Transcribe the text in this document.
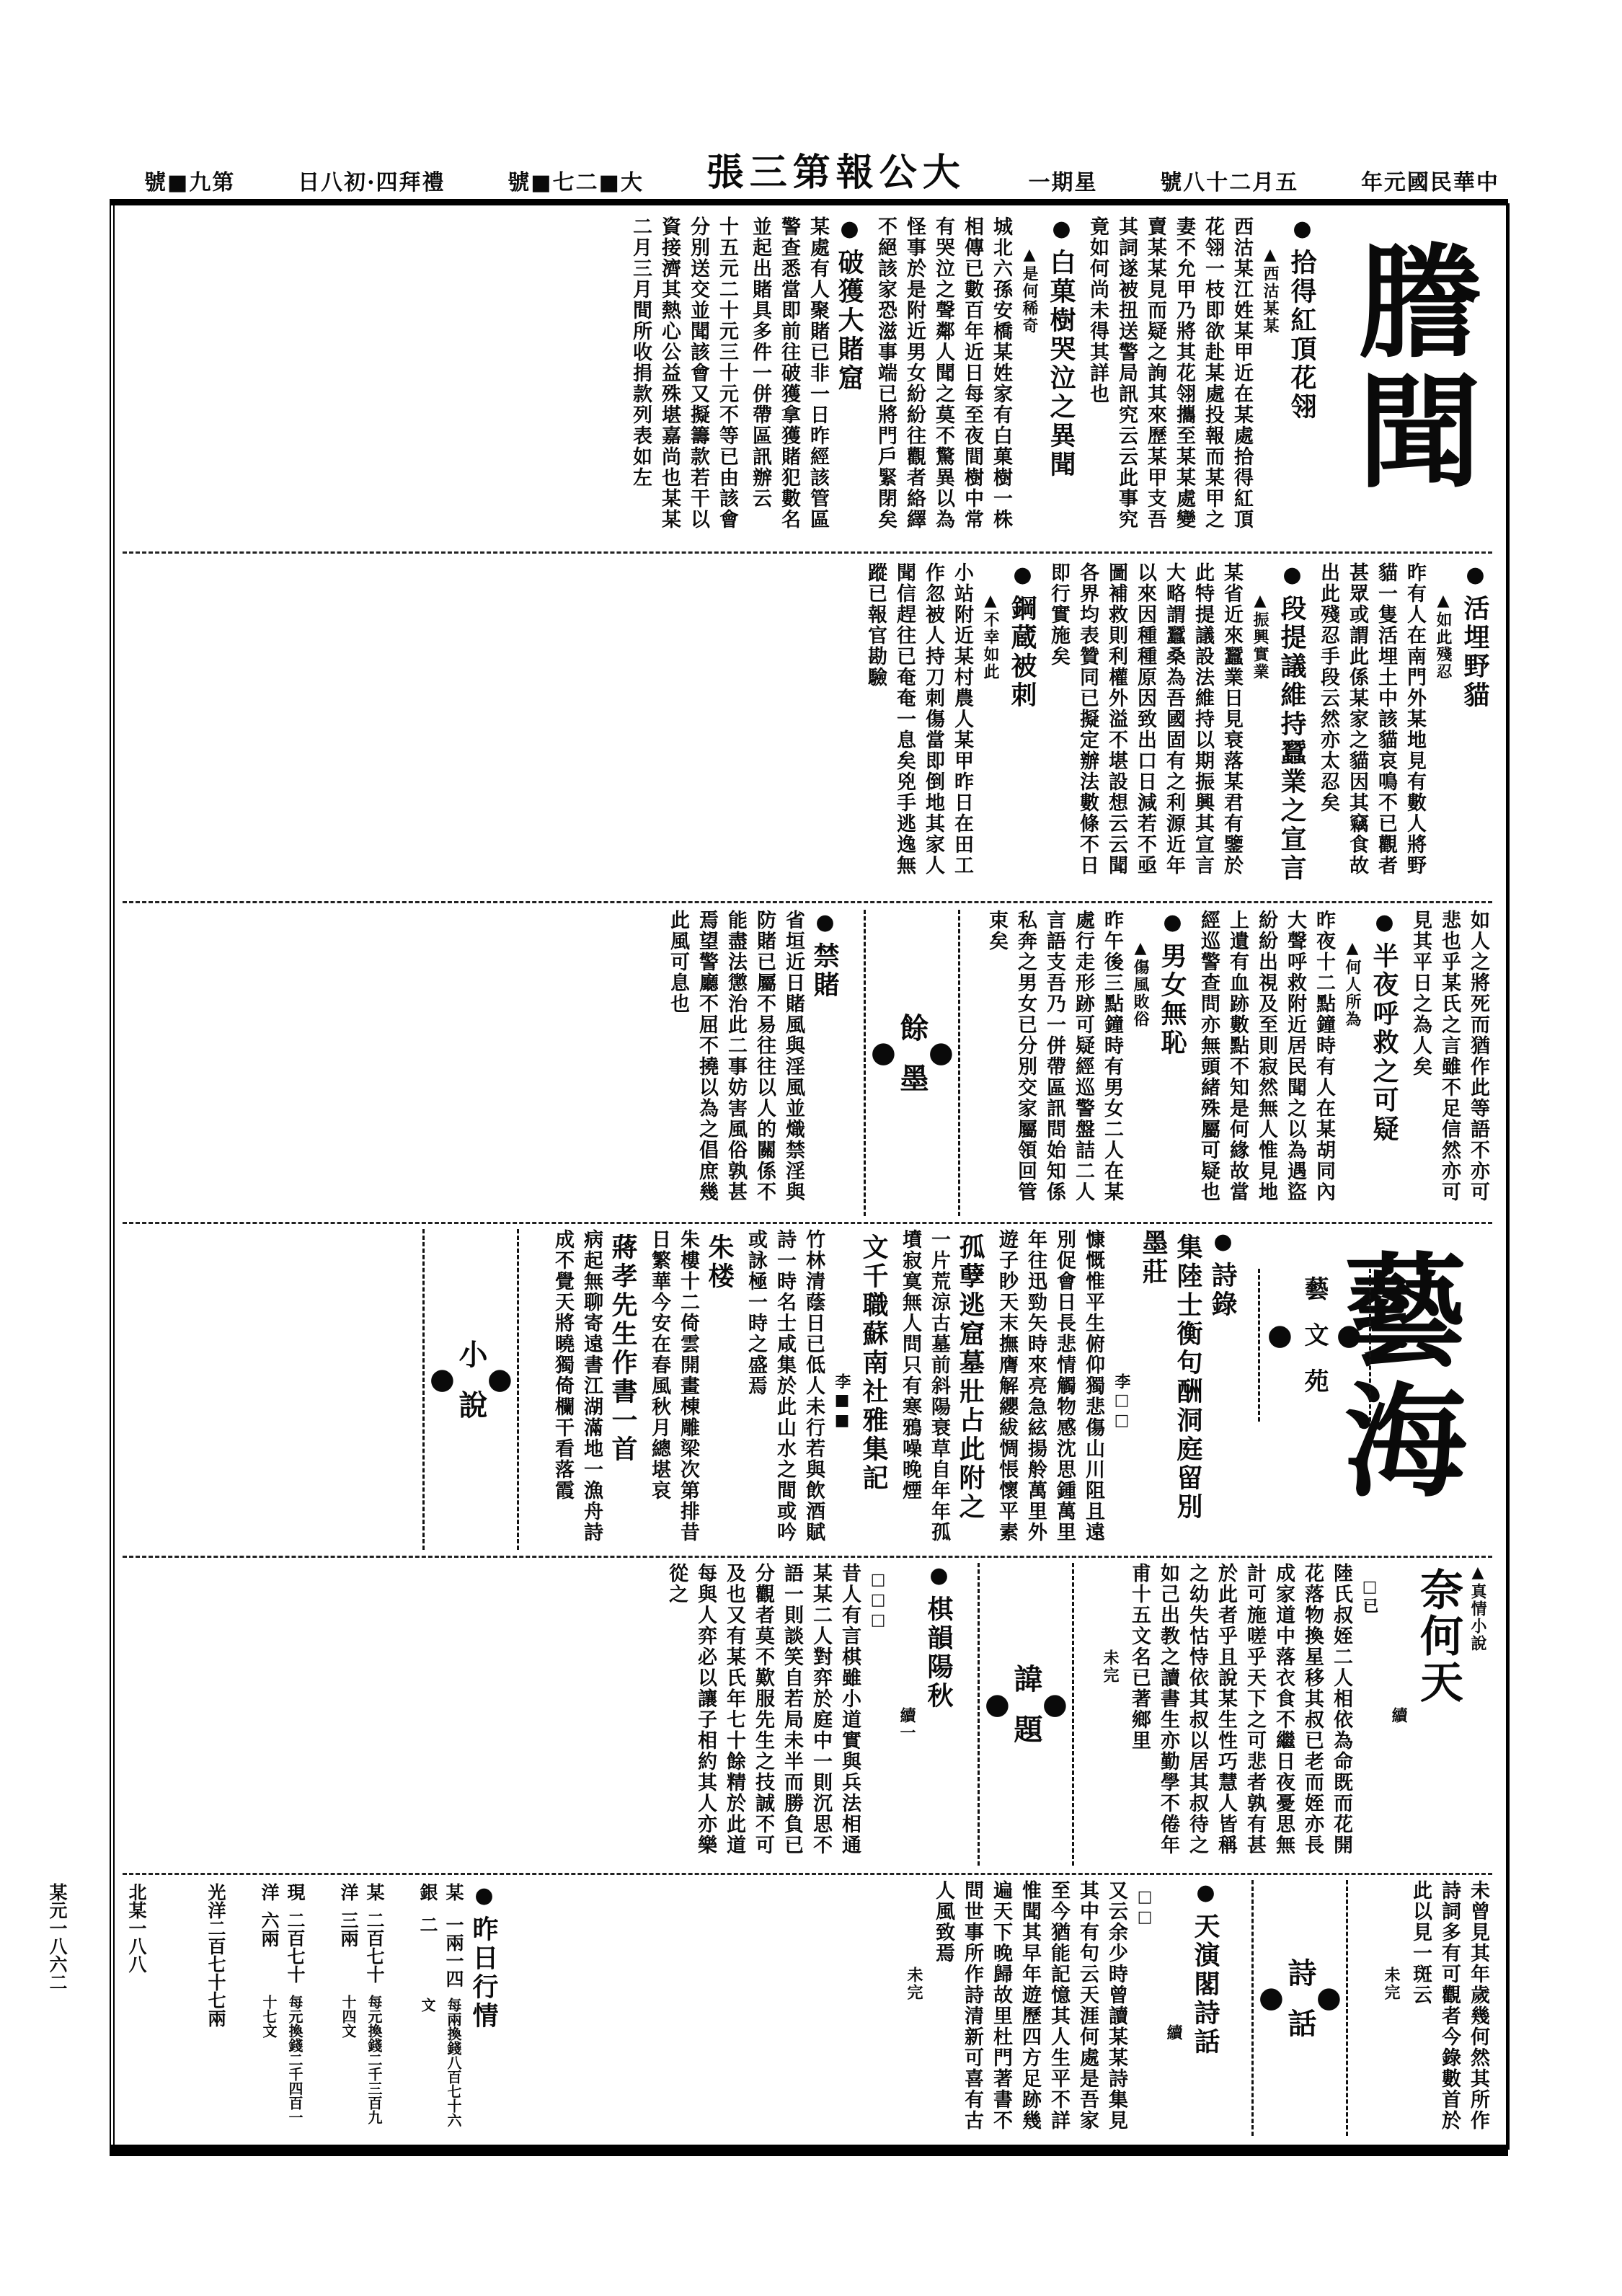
中華民國元年
五月二十八號
星期一
大公報第三張
大■二七■號
禮拜四·初八日
第九■號
謄聞
● 拾得紅頂花翎
▲ 西沽某某
西沽某江姓某甲近在某處拾得紅頂花翎一枝即欲赴某處投報而某甲之妻不允甲乃將其花翎攜至某某處變賣某某見而疑之詢其來歷某甲支吾其詞遂被扭送警局訊究云云此事究竟如何尚未得其詳也
● 白菓樹哭泣之異聞
▲ 是何稀奇
城北六孫安橋某姓家有白菓樹一株相傳已數百年近日每至夜間樹中常有哭泣之聲鄰人聞之莫不驚異以為怪事於是附近男女紛紛往觀者絡繹不絕該家恐滋事端已將門戶緊閉矣
● 破獲大賭窟
某處有人聚賭已非一日昨經該管區警查悉當即前往破獲拿獲賭犯數名並起出賭具多件一併帶區訊辦云
十五元二十元三十元不等已由該會分別送交並聞該會又擬籌款若干以資接濟其熱心公益殊堪嘉尚也某某二月三月間所收捐款列表如左
● 活埋野貓
▲ 如此殘忍
昨有人在南門外某地見有數人將野貓一隻活埋土中該貓哀鳴不已觀者甚眾或謂此係某家之貓因其竊食故出此殘忍手段云然亦太忍矣
● 段提議維持蠶業之宣言
▲ 振興實業
某省近來蠶業日見衰落某君有鑒於此特提議設法維持以期振興其宣言大略謂蠶桑為吾國固有之利源近年以來因種種原因致出口日減若不亟圖補救則利權外溢不堪設想云云聞各界均表贊同已擬定辦法數條不日即行實施矣
● 鋼蔵被刺
▲ 不幸如此
小站附近某村農人某甲昨日在田工作忽被人持刀刺傷當即倒地其家人聞信趕往已奄奄一息矣兇手逃逸無蹤已報官勘驗
如人之將死而猶作此等語不亦可悲也乎某氏之言雖不足信然亦可見其平日之為人矣
● 半夜呼救之可疑
▲ 何人所為
昨夜十二點鐘時有人在某胡同內大聲呼救附近居民聞之以為遇盜紛紛出視及至則寂然無人惟見地上遺有血跡數點不知是何緣故當經巡警查問亦無頭緒殊屬可疑也
● 男女無恥
▲ 傷風敗俗
昨午後三點鐘時有男女二人在某處行走形跡可疑經巡警盤詰二人言語支吾乃一併帶區訊問始知係私奔之男女已分別交家屬領回管束矣
● 餘墨 ●
● 禁賭
省垣近日賭風與淫風並熾禁淫與防賭已屬不易往往以人的關係不能盡法懲治此二事妨害風俗孰甚焉望警廳不屈不撓以為之倡庶幾此風可息也
藝海
● 藝文苑 ●
● 詩錄
集陸士衡句酬洞庭留別墨莊
李□□
慷慨惟平生俯仰獨悲傷山川阻且遠別促會日長悲情觸物感沈思鍾萬里年往迅勁矢時來亮急絃揚舲萬里外遊子眇天末撫膺解纓紱惆悵懷平素
孤孽逃窟墓壯占此附之
一片荒涼古墓前斜陽衰草自年年孤墳寂寞無人問只有寒鴉噪晚煙
文千職蘇南社雅集記
李■■
竹林清蔭日已低人未行若與飲酒賦詩一時名士咸集於此山水之間或吟或詠極一時之盛焉
朱楼
朱樓十二倚雲開畫棟雕梁次第排昔日繁華今安在春風秋月總堪哀
蔣孝先生作書一首
病起無聊寄遠書江湖滿地一漁舟詩成不覺天將曉獨倚欄干看落霞
● 小說 ●
▲ 真情小說
奈何天
續
□已
陸氏叔姪二人相依為命既而花開花落物換星移其叔已老而姪亦長成家道中落衣食不繼日夜憂思無計可施嗟乎天下之可悲者孰有甚於此者乎且說某生性巧慧人皆稱之幼失怙恃依其叔以居其叔待之如己出教之讀書生亦勤學不倦年甫十五文名已著鄉里
未完
● 諱題 ●
● 棋韻陽秋
續一
□□□
昔人有言棋雖小道實與兵法相通某某二人對弈於庭中一則沉思不語一則談笑自若局未半而勝負已分觀者莫不歎服先生之技誠不可及也又有某氏年七十餘精於此道每與人弈必以讓子相約其人亦樂從之
未曾見其年歲幾何然其所作詩詞多有可觀者今錄數首於此以見一斑云
未完
● 詩話 ●
● 天演閣詩話
續
□□
又云余少時曾讀某某詩集見其中有句云天涯何處是吾家至今猶能記憶其人生平不詳惟聞其早年遊歷四方足跡幾遍天下晚歸故里杜門著書不問世事所作詩清新可喜有古人風致焉
未完
● 昨日行情
某銀
一兩一四二
每兩換錢八百七十六文
某洋
二百七十三兩
每元換錢二千三百九十四文
現洋
二百七十六兩
每元換錢二千四百一十七文
光洋
二百七十七兩
北某
一八八
某元
一八六二
